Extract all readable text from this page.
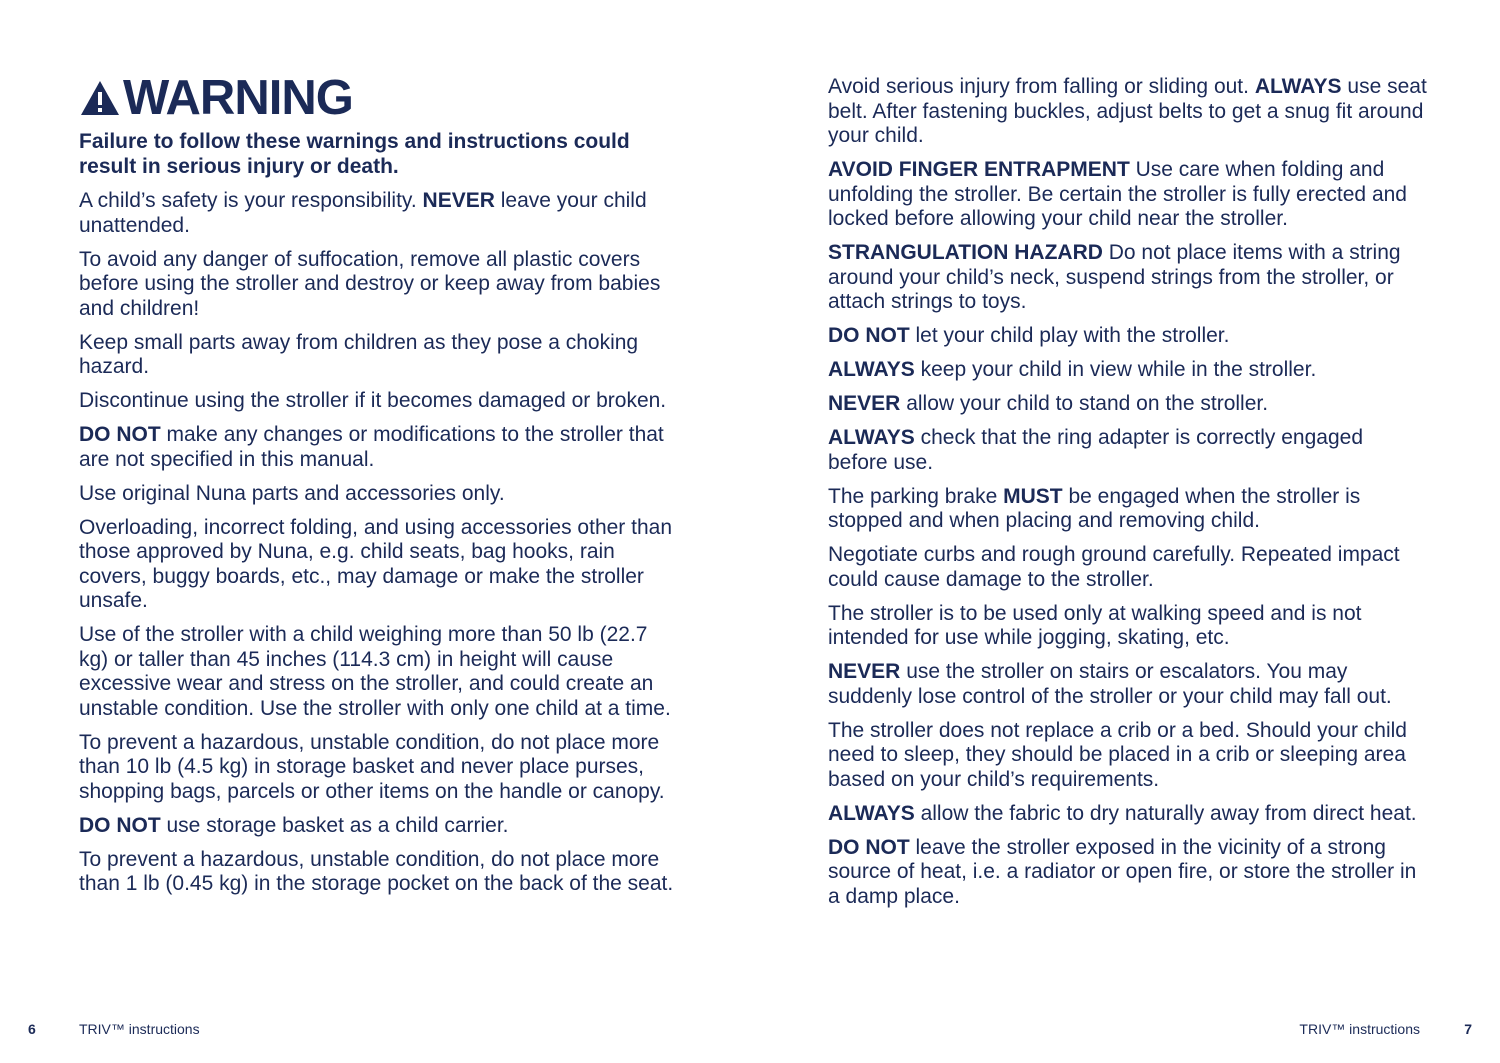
WARNING
Failure to follow these warnings and instructions could result in serious injury or death.

A child’s safety is your responsibility. NEVER leave your child unattended.

To avoid any danger of suffocation, remove all plastic covers before using the stroller and destroy or keep away from babies and children!

Keep small parts away from children as they pose a choking hazard.

Discontinue using the stroller if it becomes damaged or broken.

DO NOT make any changes or modifications to the stroller that are not specified in this manual.

Use original Nuna parts and accessories only.

Overloading, incorrect folding, and using accessories other than those approved by Nuna, e.g. child seats, bag hooks, rain covers, buggy boards, etc., may damage or make the stroller unsafe.

Use of the stroller with a child weighing more than 50 lb (22.7 kg) or taller than 45 inches (114.3 cm) in height will cause excessive wear and stress on the stroller, and could create an unstable condition. Use the stroller with only one child at a time.

To prevent a hazardous, unstable condition, do not place more than 10 lb (4.5 kg) in storage basket and never place purses, shopping bags, parcels or other items on the handle or canopy.

DO NOT use storage basket as a child carrier.

To prevent a hazardous, unstable condition, do not place more than 1 lb (0.45 kg) in the storage pocket on the back of the seat.

Avoid serious injury from falling or sliding out. ALWAYS use seat belt. After fastening buckles, adjust belts to get a snug fit around your child.

AVOID FINGER ENTRAPMENT Use care when folding and unfolding the stroller. Be certain the stroller is fully erected and locked before allowing your child near the stroller.

STRANGULATION HAZARD Do not place items with a string around your child’s neck, suspend strings from the stroller, or attach strings to toys.

DO NOT let your child play with the stroller.

ALWAYS keep your child in view while in the stroller.

NEVER allow your child to stand on the stroller.

ALWAYS check that the ring adapter is correctly engaged before use.

The parking brake MUST be engaged when the stroller is stopped and when placing and removing child.

Negotiate curbs and rough ground carefully. Repeated impact could cause damage to the stroller.

The stroller is to be used only at walking speed and is not intended for use while jogging, skating, etc.

NEVER use the stroller on stairs or escalators. You may suddenly lose control of the stroller or your child may fall out.

The stroller does not replace a crib or a bed. Should your child need to sleep, they should be placed in a crib or sleeping area based on your child’s requirements.

ALWAYS allow the fabric to dry naturally away from direct heat.

DO NOT leave the stroller exposed in the vicinity of a strong source of heat, i.e. a radiator or open fire, or store the stroller in a damp place.

6	TRIV™ instructions	TRIV™ instructions	7
